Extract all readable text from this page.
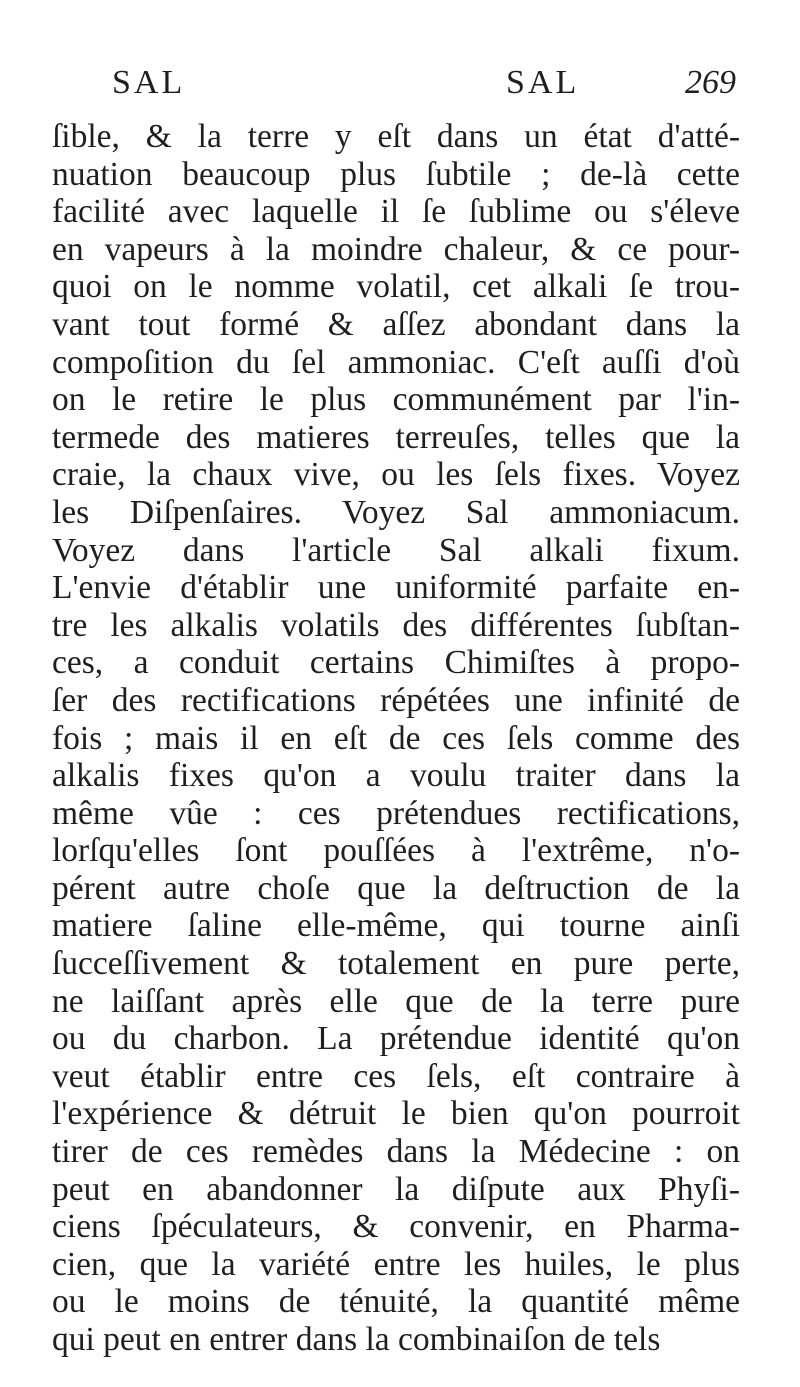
SAL	SAL	269
ſible, & la terre y eſt dans un état d'atté-
nuation beaucoup plus ſubtile ; de-là cette
facilité avec laquelle il ſe ſublime ou s'éleve
en vapeurs à la moindre chaleur, & ce pour-
quoi on le nomme volatil, cet alkali ſe trou-
vant tout formé & aſſez abondant dans la
compoſition du ſel ammoniac. C'eſt auſſi d'où
on le retire le plus communément par l'in-
termede des matieres terreuſes, telles que la
craie, la chaux vive, ou les ſels fixes. Voyez
les Diſpenſaires. Voyez Sal ammoniacum.
Voyez dans l'article Sal alkali fixum.
L'envie d'établir une uniformité parfaite en-
tre les alkalis volatils des différentes ſubſtan-
ces, a conduit certains Chimiſtes à propo-
ſer des rectifications répétées une infinité de
fois ; mais il en eſt de ces ſels comme des
alkalis fixes qu'on a voulu traiter dans la
même vûe : ces prétendues rectifications,
lorſqu'elles ſont pouſſées à l'extrême, n'o-
pérent autre choſe que la deſtruction de la
matiere ſaline elle-même, qui tourne ainſi
ſucceſſivement & totalement en pure perte,
ne laiſſant après elle que de la terre pure
ou du charbon. La prétendue identité qu'on
veut établir entre ces ſels, eſt contraire à
l'expérience & détruit le bien qu'on pourroit
tirer de ces remèdes dans la Médecine : on
peut en abandonner la diſpute aux Phyſi-
ciens ſpéculateurs, & convenir, en Pharma-
cien, que la variété entre les huiles, le plus
ou le moins de ténuité, la quantité même
qui peut en entrer dans la combinaiſon de tels
